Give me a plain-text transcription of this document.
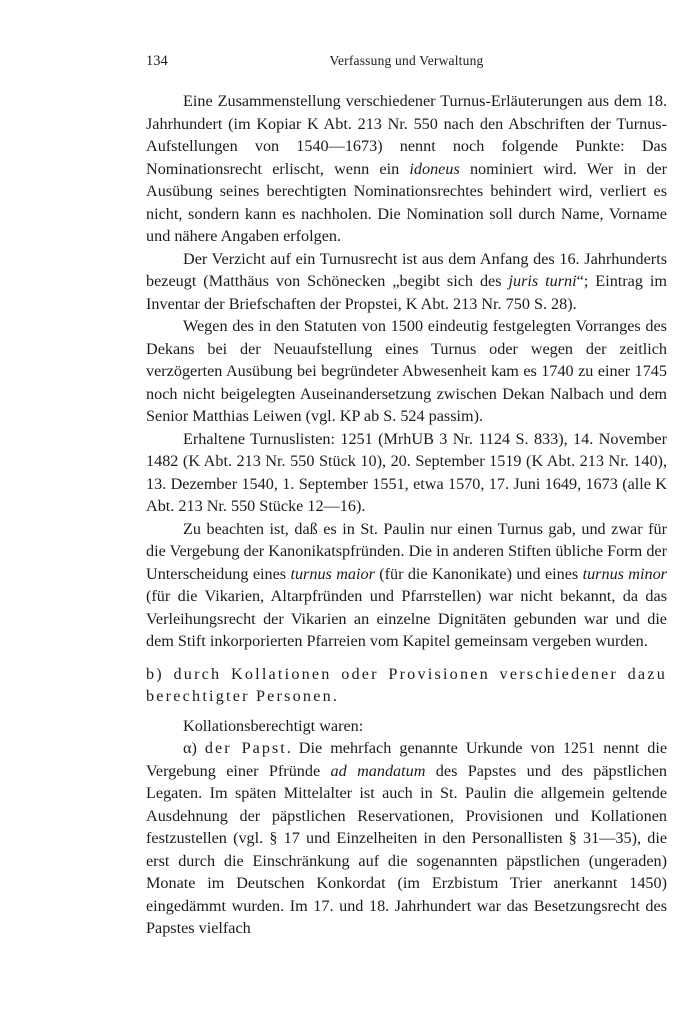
134	Verfassung und Verwaltung

Eine Zusammenstellung verschiedener Turnus-Erläuterungen aus dem 18. Jahrhundert (im Kopiar K Abt. 213 Nr. 550 nach den Abschriften der Turnus-Aufstellungen von 1540—1673) nennt noch folgende Punkte: Das Nominationsrecht erlischt, wenn ein idoneus nominiert wird. Wer in der Ausübung seines berechtigten Nominationsrechtes behindert wird, verliert es nicht, sondern kann es nachholen. Die Nomination soll durch Name, Vorname und nähere Angaben erfolgen.

Der Verzicht auf ein Turnusrecht ist aus dem Anfang des 16. Jahrhunderts bezeugt (Matthäus von Schönecken „begibt sich des juris turni“; Eintrag im Inventar der Briefschaften der Propstei, K Abt. 213 Nr. 750 S. 28).

Wegen des in den Statuten von 1500 eindeutig festgelegten Vorranges des Dekans bei der Neuaufstellung eines Turnus oder wegen der zeitlich verzögerten Ausübung bei begründeter Abwesenheit kam es 1740 zu einer 1745 noch nicht beigelegten Auseinandersetzung zwischen Dekan Nalbach und dem Senior Matthias Leiwen (vgl. KP ab S. 524 passim).

Erhaltene Turnuslisten: 1251 (MrhUB 3 Nr. 1124 S. 833), 14. November 1482 (K Abt. 213 Nr. 550 Stück 10), 20. September 1519 (K Abt. 213 Nr. 140), 13. Dezember 1540, 1. September 1551, etwa 1570, 17. Juni 1649, 1673 (alle K Abt. 213 Nr. 550 Stücke 12—16).

Zu beachten ist, daß es in St. Paulin nur einen Turnus gab, und zwar für die Vergebung der Kanonikatspfründen. Die in anderen Stiften übliche Form der Unterscheidung eines turnus maior (für die Kanonikate) und eines turnus minor (für die Vikarien, Altarpfründen und Pfarrstellen) war nicht bekannt, da das Verleihungsrecht der Vikarien an einzelne Dignitäten gebunden war und die dem Stift inkorporierten Pfarreien vom Kapitel gemeinsam vergeben wurden.

b) durch Kollationen oder Provisionen verschiedener dazu berechtigter Personen.

Kollationsberechtigt waren:

α) der Papst. Die mehrfach genannte Urkunde von 1251 nennt die Vergebung einer Pfründe ad mandatum des Papstes und des päpstlichen Legaten. Im späten Mittelalter ist auch in St. Paulin die allgemein geltende Ausdehnung der päpstlichen Reservationen, Provisionen und Kollationen festzustellen (vgl. § 17 und Einzelheiten in den Personallisten § 31—35), die erst durch die Einschränkung auf die sogenannten päpstlichen (ungeraden) Monate im Deutschen Konkordat (im Erzbistum Trier anerkannt 1450) eingedämmt wurden. Im 17. und 18. Jahrhundert war das Besetzungsrecht des Papstes vielfach
